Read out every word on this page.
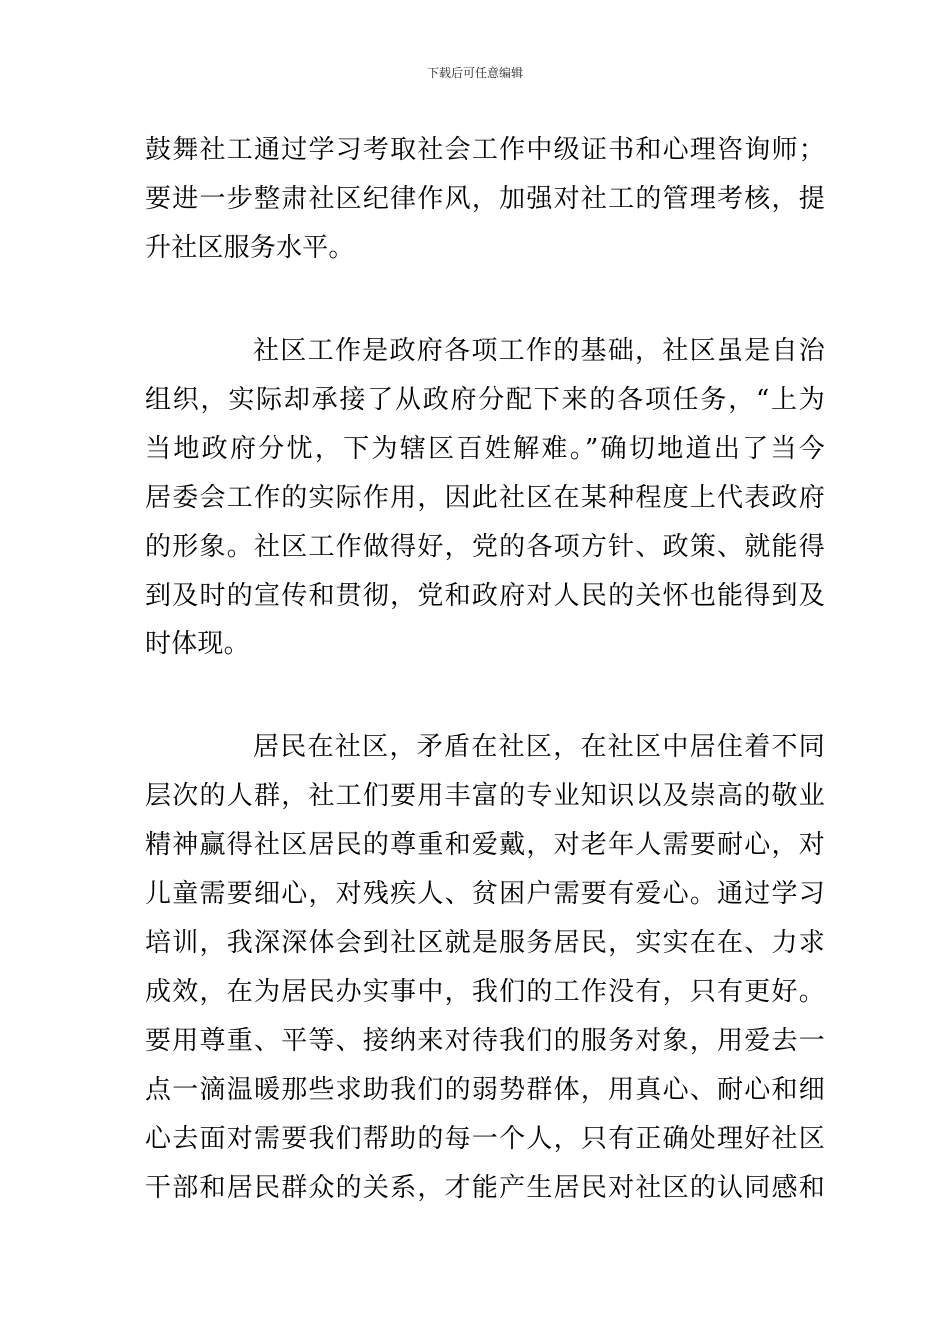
下载后可任意编辑
鼓舞社工通过学习考取社会工作中级证书和心理咨询师；
要进一步整肃社区纪律作风，加强对社工的管理考核，提
升社区服务水平。
社区工作是政府各项工作的基础，社区虽是自治
组织，实际却承接了从政府分配下来的各项任务，“上为
当地政府分忧，下为辖区百姓解难。”确切地道出了当今
居委会工作的实际作用，因此社区在某种程度上代表政府
的形象。社区工作做得好，党的各项方针、政策、就能得
到及时的宣传和贯彻，党和政府对人民的关怀也能得到及
时体现。
居民在社区，矛盾在社区，在社区中居住着不同
层次的人群，社工们要用丰富的专业知识以及崇高的敬业
精神赢得社区居民的尊重和爱戴，对老年人需要耐心，对
儿童需要细心，对残疾人、贫困户需要有爱心。通过学习
培训，我深深体会到社区就是服务居民，实实在在、力求
成效，在为居民办实事中，我们的工作没有，只有更好。
要用尊重、平等、接纳来对待我们的服务对象，用爱去一
点一滴温暖那些求助我们的弱势群体，用真心、耐心和细
心去面对需要我们帮助的每一个人，只有正确处理好社区
干部和居民群众的关系，才能产生居民对社区的认同感和
